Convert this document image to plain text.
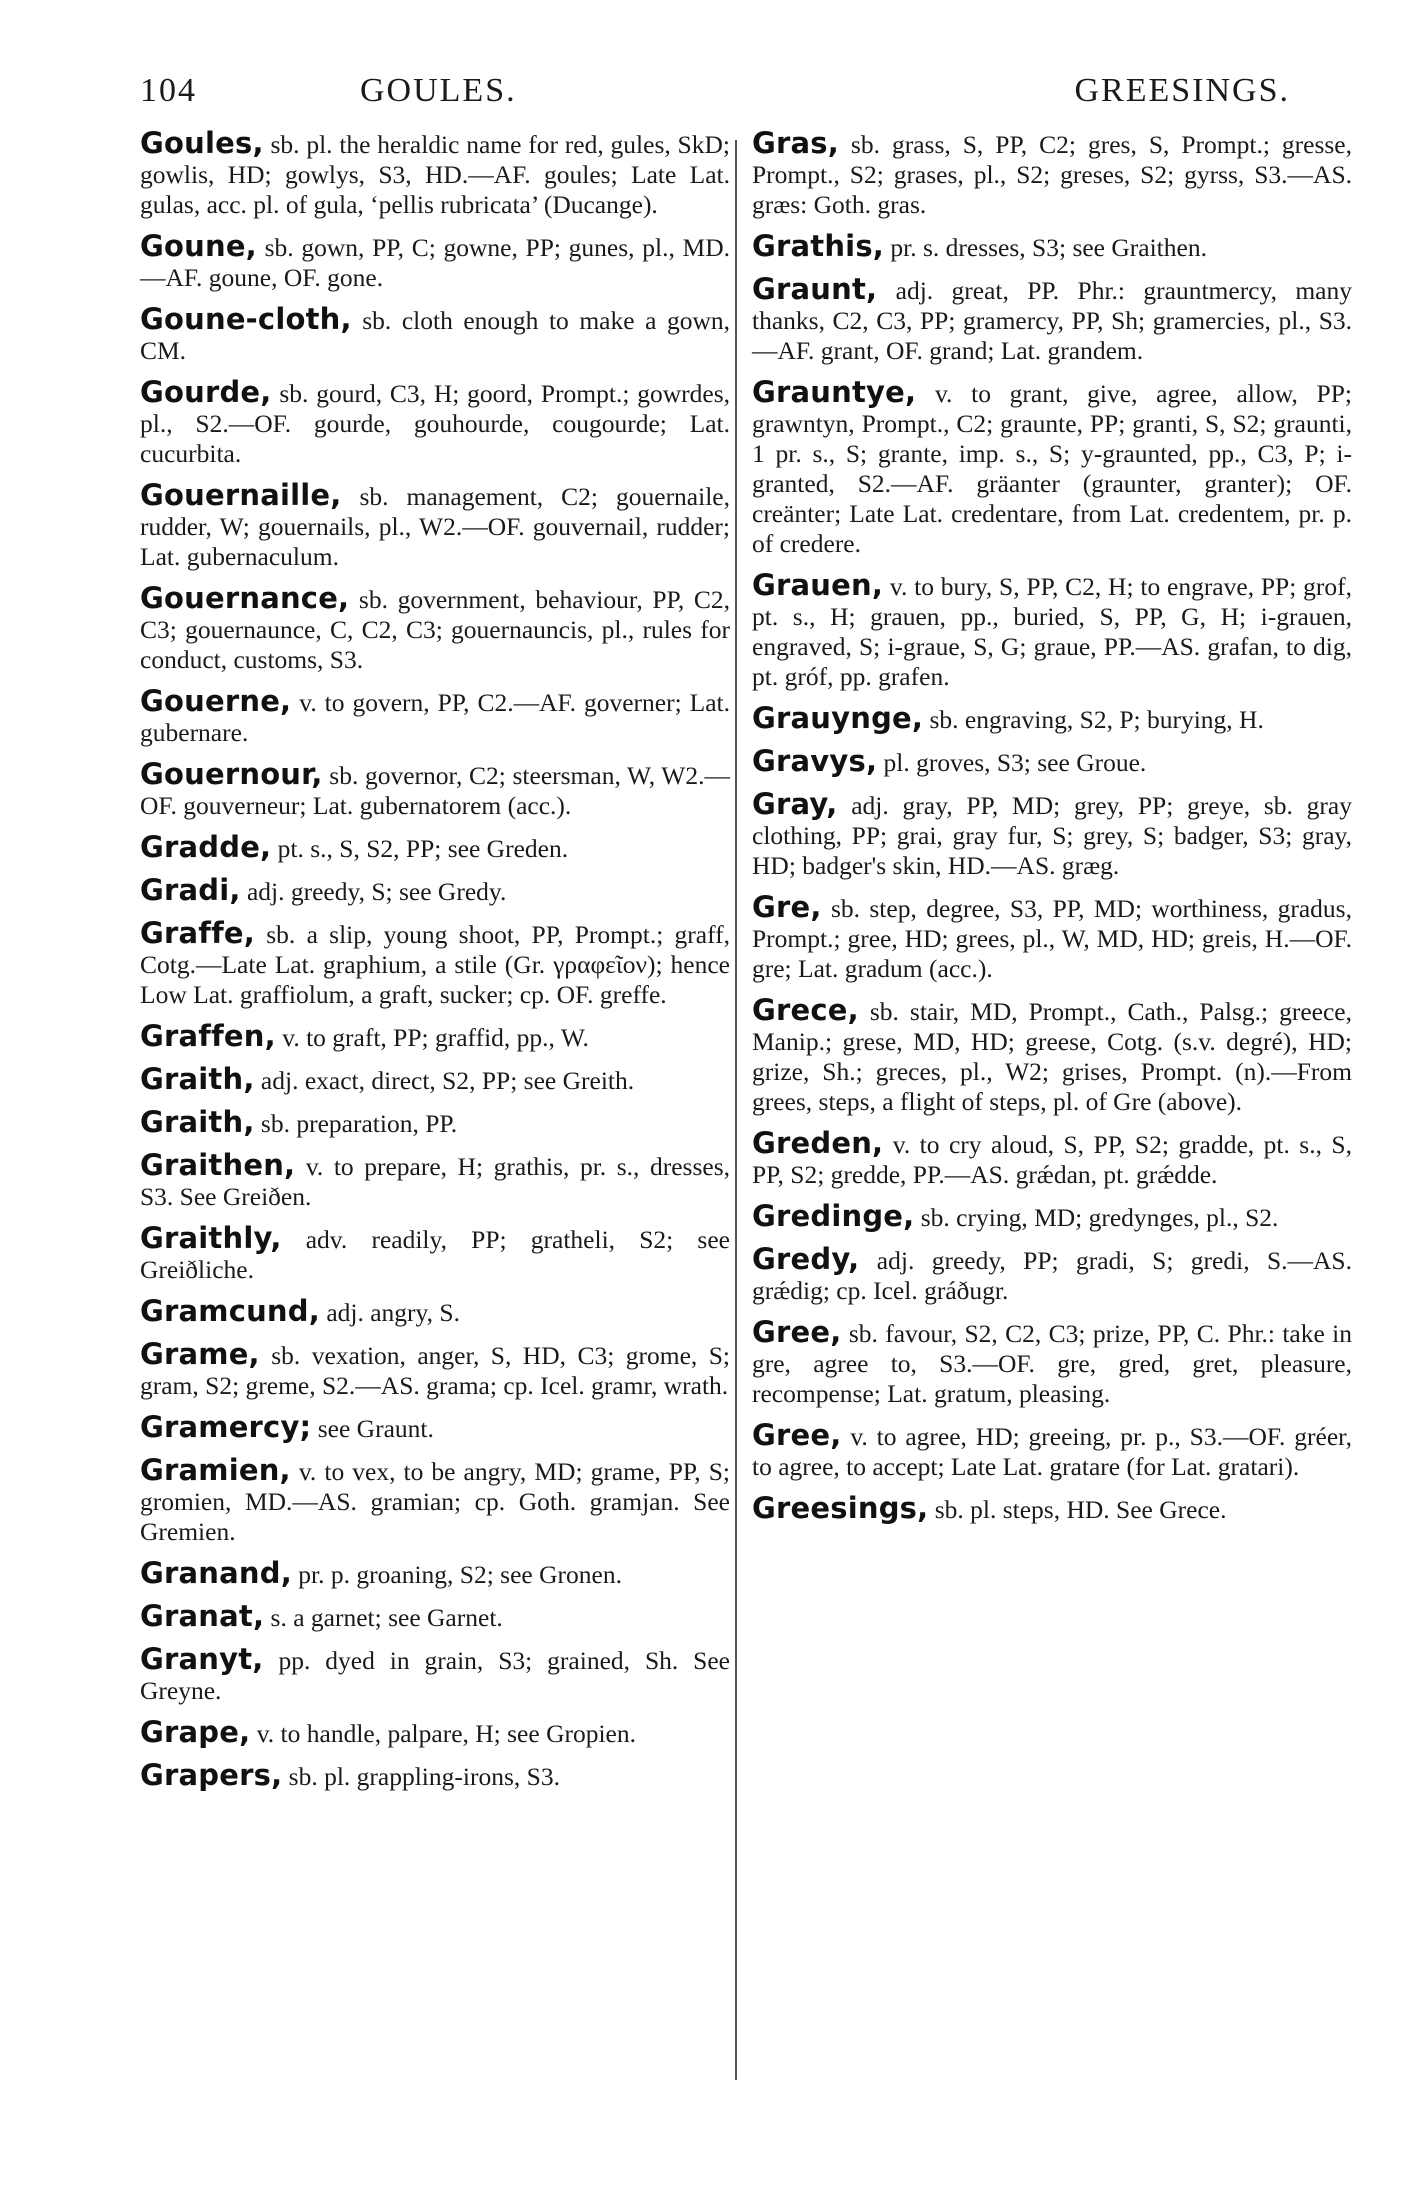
104	GOULES.	GREESINGS.

Goules, sb. pl. the heraldic name for red, gules, SkD; gowlis, HD; gowlys, S3, HD.—AF. goules; Late Lat. gulas, acc. pl. of gula, ‘pellis rubricata’ (Ducange).

Goune, sb. gown, PP, C; gowne, PP; gunes, pl., MD.—AF. goune, OF. gone.

Goune-cloth, sb. cloth enough to make a gown, CM.

Gourde, sb. gourd, C3, H; goord, Prompt.; gowrdes, pl., S2.—OF. gourde, gouhourde, cougourde; Lat. cucurbita.

Gouernaille, sb. management, C2; gouernaile, rudder, W; gouernails, pl., W2.—OF. gouvernail, rudder; Lat. gubernaculum.

Gouernance, sb. government, behaviour, PP, C2, C3; gouernaunce, C, C2, C3; gouernauncis, pl., rules for conduct, customs, S3.

Gouerne, v. to govern, PP, C2.—AF. governer; Lat. gubernare.

Gouernour, sb. governor, C2; steersman, W, W2.—OF. gouverneur; Lat. gubernatorem (acc.).

Gradde, pt. s., S, S2, PP; see Greden.

Gradi, adj. greedy, S; see Gredy.

Graffe, sb. a slip, young shoot, PP, Prompt.; graff, Cotg.—Late Lat. graphium, a stile (Gr. γραφεῖον); hence Low Lat. graffiolum, a graft, sucker; cp. OF. greffe.

Graffen, v. to graft, PP; graffid, pp., W.

Graith, adj. exact, direct, S2, PP; see Greith.

Graith, sb. preparation, PP.

Graithen, v. to prepare, H; grathis, pr. s., dresses, S3. See Greiðen.

Graithly, adv. readily, PP; gratheli, S2; see Greiðliche.

Gramcund, adj. angry, S.

Grame, sb. vexation, anger, S, HD, C3; grome, S; gram, S2; greme, S2.—AS. grama; cp. Icel. gramr, wrath.

Gramercy; see Graunt.

Gramien, v. to vex, to be angry, MD; grame, PP, S; gromien, MD.—AS. gramian; cp. Goth. gramjan. See Gremien.

Granand, pr. p. groaning, S2; see Gronen.

Granat, s. a garnet; see Garnet.

Granyt, pp. dyed in grain, S3; grained, Sh. See Greyne.

Grape, v. to handle, palpare, H; see Gropien.

Grapers, sb. pl. grappling-irons, S3.

Gras, sb. grass, S, PP, C2; gres, S, Prompt.; gresse, Prompt., S2; grases, pl., S2; greses, S2; gyrss, S3.—AS. græs: Goth. gras.

Grathis, pr. s. dresses, S3; see Graithen.

Graunt, adj. great, PP. Phr.: grauntmercy, many thanks, C2, C3, PP; gramercy, PP, Sh; gramercies, pl., S3.—AF. grant, OF. grand; Lat. grandem.

Grauntye, v. to grant, give, agree, allow, PP; grawntyn, Prompt., C2; graunte, PP; granti, S, S2; graunti, 1 pr. s., S; grante, imp. s., S; y-graunted, pp., C3, P; i-granted, S2.—AF. gräanter (graunter, granter); OF. creänter; Late Lat. credentare, from Lat. credentem, pr. p. of credere.

Grauen, v. to bury, S, PP, C2, H; to engrave, PP; grof, pt. s., H; grauen, pp., buried, S, PP, G, H; i-grauen, engraved, S; i-graue, S, G; graue, PP.—AS. grafan, to dig, pt. gróf, pp. grafen.

Grauynge, sb. engraving, S2, P; burying, H.

Gravys, pl. groves, S3; see Groue.

Gray, adj. gray, PP, MD; grey, PP; greye, sb. gray clothing, PP; grai, gray fur, S; grey, S; badger, S3; gray, HD; badger's skin, HD.—AS. græg.

Gre, sb. step, degree, S3, PP, MD; worthiness, gradus, Prompt.; gree, HD; grees, pl., W, MD, HD; greis, H.—OF. gre; Lat. gradum (acc.).

Grece, sb. stair, MD, Prompt., Cath., Palsg.; greece, Manip.; grese, MD, HD; greese, Cotg. (s.v. degré), HD; grize, Sh.; greces, pl., W2; grises, Prompt. (n).—From grees, steps, a flight of steps, pl. of Gre (above).

Greden, v. to cry aloud, S, PP, S2; gradde, pt. s., S, PP, S2; gredde, PP.—AS. grǽdan, pt. grǽdde.

Gredinge, sb. crying, MD; gredynges, pl., S2.

Gredy, adj. greedy, PP; gradi, S; gredi, S.—AS. grǽdig; cp. Icel. gráðugr.

Gree, sb. favour, S2, C2, C3; prize, PP, C. Phr.: take in gre, agree to, S3.—OF. gre, gred, gret, pleasure, recompense; Lat. gratum, pleasing.

Gree, v. to agree, HD; greeing, pr. p., S3.—OF. gréer, to agree, to accept; Late Lat. gratare (for Lat. gratari).

Greesings, sb. pl. steps, HD. See Grece.
